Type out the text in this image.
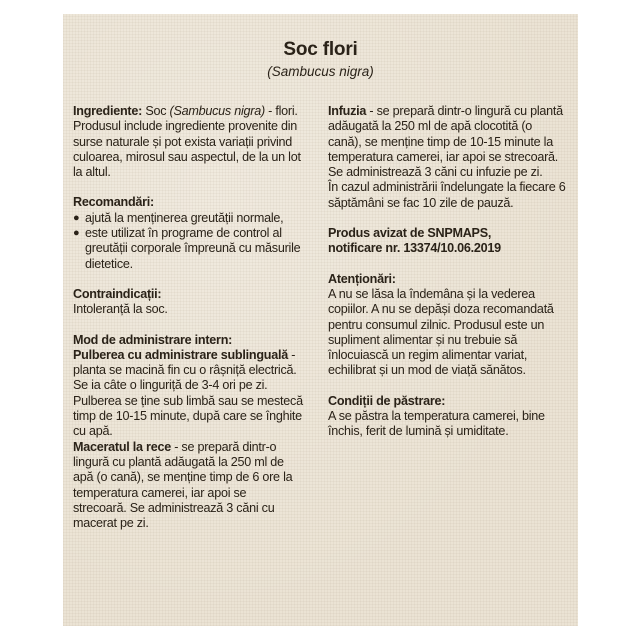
Soc flori
(Sambucus nigra)

Ingrediente: Soc (Sambucus nigra) - flori. Produsul include ingrediente provenite din surse naturale și pot exista variații privind culoarea, mirosul sau aspectul, de la un lot la altul.

Recomandări:

● ajută la menținerea greutății normale,
● este utilizat în programe de control al greutății corporale împreună cu măsurile dietetice.

Contraindicații:

Intoleranță la soc.

Mod de administrare intern:

Pulberea cu administrare sublinguală - planta se macină fin cu o râșniță electrică. Se ia câte o linguriță de 3-4 ori pe zi. Pulberea se ține sub limbă sau se mestecă timp de 10-15 minute, după care se înghite cu apă.

Maceratul la rece - se prepară dintr-o lingură cu plantă adăugată la 250 ml de apă (o cană), se menține timp de 6 ore la temperatura camerei, iar apoi se strecoară. Se administrează 3 căni cu macerat pe zi.

Infuzia - se prepară dintr-o lingură cu plantă adăugată la 250 ml de apă clocotită (o cană), se menține timp de 10-15 minute la temperatura camerei, iar apoi se strecoară. Se administrează 3 căni cu infuzie pe zi.

În cazul administrării îndelungate la fiecare 6 săptămâni se fac 10 zile de pauză.

Produs avizat de SNPMAPS,

notificare nr. 13374/10.06.2019

Atenționări:

A nu se lăsa la îndemâna și la vederea copiilor. A nu se depăși doza recomandată pentru consumul zilnic. Produsul este un supliment alimentar și nu trebuie să înlocuiască un regim alimentar variat, echilibrat și un mod de viață sănătos.

Condiții de păstrare:

A se păstra la temperatura camerei, bine închis, ferit de lumină și umiditate.
